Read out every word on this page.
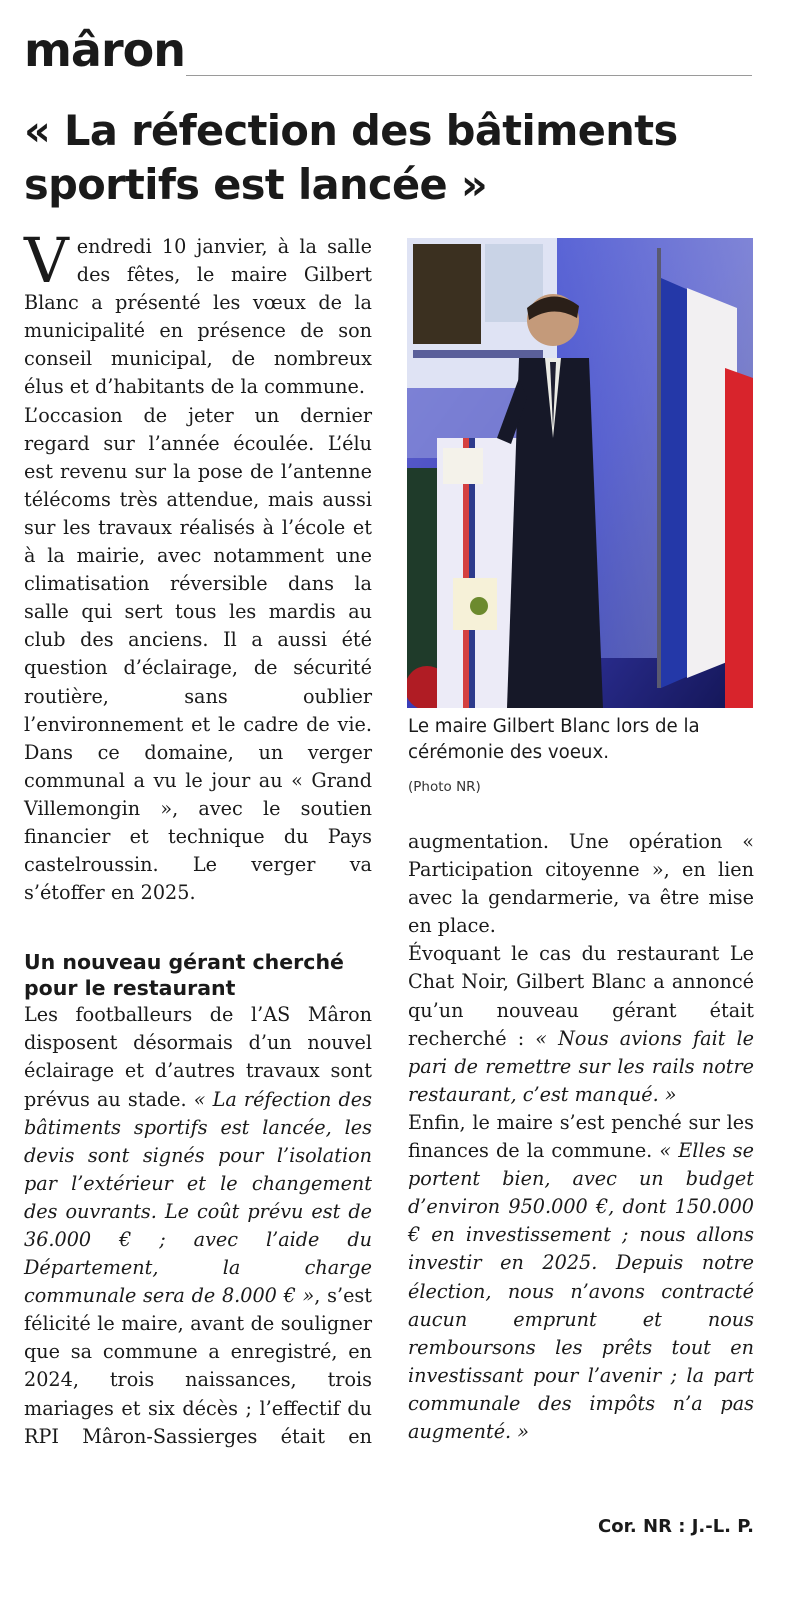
mâron
« La réfection des bâtiments sportifs est lancée »

Vendredi 10 janvier, à la salle des fêtes, le maire Gilbert Blanc a présenté les vœux de la municipalité en présence de son conseil municipal, de nombreux élus et d’habitants de la commune.

L’occasion de jeter un dernier regard sur l’année écoulée. L’élu est revenu sur la pose de l’antenne télécoms très attendue, mais aussi sur les travaux réalisés à l’école et à la mairie, avec notamment une climatisation réversible dans la salle qui sert tous les mardis au club des anciens. Il a aussi été question d’éclairage, de sécurité routière, sans oublier l’environnement et le cadre de vie. Dans ce domaine, un verger communal a vu le jour au « Grand Villemongin », avec le soutien financier et technique du Pays castelroussin. Le verger va s’étoffer en 2025.

Un nouveau gérant cherché pour le restaurant

Les footballeurs de l’AS Mâron disposent désormais d’un nouvel éclairage et d’autres travaux sont prévus au stade. « La réfection des bâtiments sportifs est lancée, les devis sont signés pour l’isolation par l’extérieur et le changement des ouvrants. Le coût prévu est de 36.000 € ; avec l’aide du Département, la charge communale sera de 8.000 € », s’est félicité le maire, avant de souligner que sa commune a enregistré, en 2024, trois naissances, trois mariages et six décès ; l’effectif du RPI Mâron-Sassierges était en

Le maire Gilbert Blanc lors de la cérémonie des voeux.
(Photo NR)

augmentation. Une opération « Participation citoyenne », en lien avec la gendarmerie, va être mise en place.

Évoquant le cas du restaurant Le Chat Noir, Gilbert Blanc a annoncé qu’un nouveau gérant était recherché : « Nous avions fait le pari de remettre sur les rails notre restaurant, c’est manqué. »

Enfin, le maire s’est penché sur les finances de la commune. « Elles se portent bien, avec un budget d’environ 950.000 €, dont 150.000 € en investissement ; nous allons investir en 2025. Depuis notre élection, nous n’avons contracté aucun emprunt et nous remboursons les prêts tout en investissant pour l’avenir ; la part communale des impôts n’a pas augmenté. »

Cor. NR : J.-L. P.
